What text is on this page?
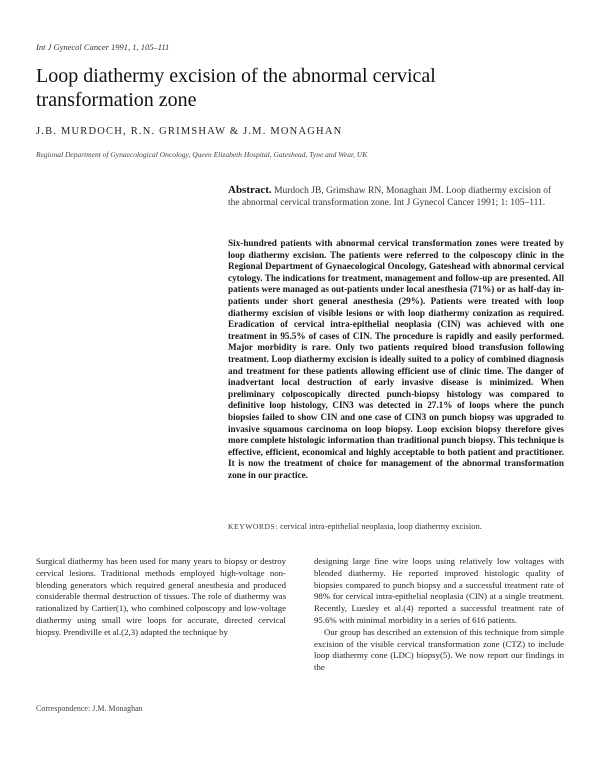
Int J Gynecol Cancer 1991, 1, 105–111
Loop diathermy excision of the abnormal cervical transformation zone
J.B. MURDOCH, R.N. GRIMSHAW & J.M. MONAGHAN
Regional Department of Gynaecological Oncology, Queen Elizabeth Hospital, Gateshead, Tyne and Wear, UK
Abstract. Murdoch JB, Grimshaw RN, Monaghan JM. Loop diathermy excision of the abnormal cervical transformation zone. Int J Gynecol Cancer 1991; 1: 105–111.
Six-hundred patients with abnormal cervical transformation zones were treated by loop diathermy excision. The patients were referred to the colposcopy clinic in the Regional Department of Gynaecological Oncology, Gateshead with abnormal cervical cytology. The indications for treatment, management and follow-up are presented. All patients were managed as out-patients under local anesthesia (71%) or as half-day in-patients under short general anesthesia (29%). Patients were treated with loop diathermy excision of visible lesions or with loop diathermy conization as required. Eradication of cervical intra-epithelial neoplasia (CIN) was achieved with one treatment in 95.5% of cases of CIN. The procedure is rapidly and easily performed. Major morbidity is rare. Only two patients required blood transfusion following treatment. Loop diathermy excision is ideally suited to a policy of combined diagnosis and treatment for these patients allowing efficient use of clinic time. The danger of inadvertant local destruction of early invasive disease is minimized. When preliminary colposcopically directed punch-biopsy histology was compared to definitive loop histology, CIN3 was detected in 27.1% of loops where the punch biopsies failed to show CIN and one case of CIN3 on punch biopsy was upgraded to invasive squamous carcinoma on loop biopsy. Loop excision biopsy therefore gives more complete histologic information than traditional punch biopsy. This technique is effective, efficient, economical and highly acceptable to both patient and practitioner. It is now the treatment of choice for management of the abnormal transformation zone in our practice.
KEYWORDS: cervical intra-epithelial neoplasia, loop diathermy excision.

Surgical diathermy has been used for many years to biopsy or destroy cervical lesions. Traditional methods employed high-voltage non-blending generators which required general anesthesia and produced considerable thermal destruction of tissues. The role of diathermy was rationalized by Cartier(1), who combined colposcopy and low-voltage diathermy using small wire loops for accurate, directed cervical biopsy. Prendiville et al.(2,3) adapted the technique by

designing large fine wire loops using relatively low voltages with blended diathermy. He reported improved histologic quality of biopsies compared to punch biopsy and a successful treatment rate of 98% for cervical intra-epithelial neoplasia (CIN) at a single treatment. Recently, Luesley et al.(4) reported a successful treatment rate of 95.6% with minimal morbidity in a series of 616 patients.

Our group has described an extension of this technique from simple excision of the visible cervical transformation zone (CTZ) to include loop diathermy cone (LDC) biopsy(5). We now report our findings in the

Correspondence: J.M. Monaghan
